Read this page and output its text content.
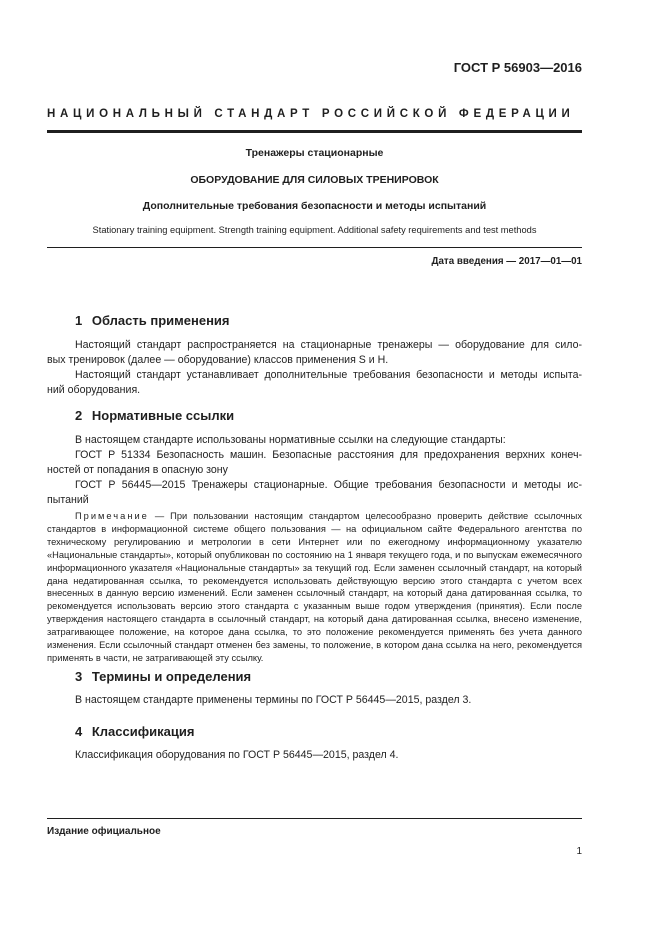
ГОСТ Р 56903—2016
НАЦИОНАЛЬНЫЙ СТАНДАРТ РОССИЙСКОЙ ФЕДЕРАЦИИ
Тренажеры стационарные
ОБОРУДОВАНИЕ ДЛЯ СИЛОВЫХ ТРЕНИРОВОК
Дополнительные требования безопасности и методы испытаний
Stationary training equipment. Strength training equipment. Additional safety requirements and test methods
Дата введения — 2017—01—01
1 Область применения

Настоящий стандарт распространяется на стационарные тренажеры — оборудование для сило-

вых тренировок (далее — оборудование) классов применения S и H.

Настоящий стандарт устанавливает дополнительные требования безопасности и методы испыта-

ний оборудования.

2 Нормативные ссылки

В настоящем стандарте использованы нормативные ссылки на следующие стандарты:

ГОСТ Р 51334 Безопасность машин. Безопасные расстояния для предохранения верхних конеч-

ностей от попадания в опасную зону

ГОСТ Р 56445—2015 Тренажеры стационарные. Общие требования безопасности и методы ис-

пытаний

Примечание — При пользовании настоящим стандартом целесообразно проверить действие ссылочных стандартов в информационной системе общего пользования — на официальном сайте Федерального агентства по техническому регулированию и метрологии в сети Интернет или по ежегодному информационному указателю «Национальные стандарты», который опубликован по состоянию на 1 января текущего года, и по выпускам ежемесячного информационного указателя «Национальные стандарты» за текущий год. Если заменен ссылочный стандарт, на который дана недатированная ссылка, то рекомендуется использовать действующую версию этого стандарта с учетом всех внесенных в данную версию изменений. Если заменен ссылочный стандарт, на который дана датированная ссылка, то рекомендуется использовать версию этого стандарта с указанным выше годом утверждения (принятия). Если после утверждения настоящего стандарта в ссылочный стандарт, на который дана датированная ссылка, внесено изменение, затрагивающее положение, на которое дана ссылка, то это положение рекомендуется применять без учета данного изменения. Если ссылочный стандарт отменен без замены, то положение, в котором дана ссылка на него, рекомендуется применять в части, не затрагивающей эту ссылку.
3 Термины и определения

В настоящем стандарте применены термины по ГОСТ Р 56445—2015, раздел 3.

4 Классификация

Классификация оборудования по ГОСТ Р 56445—2015, раздел 4.

Издание официальное
1
